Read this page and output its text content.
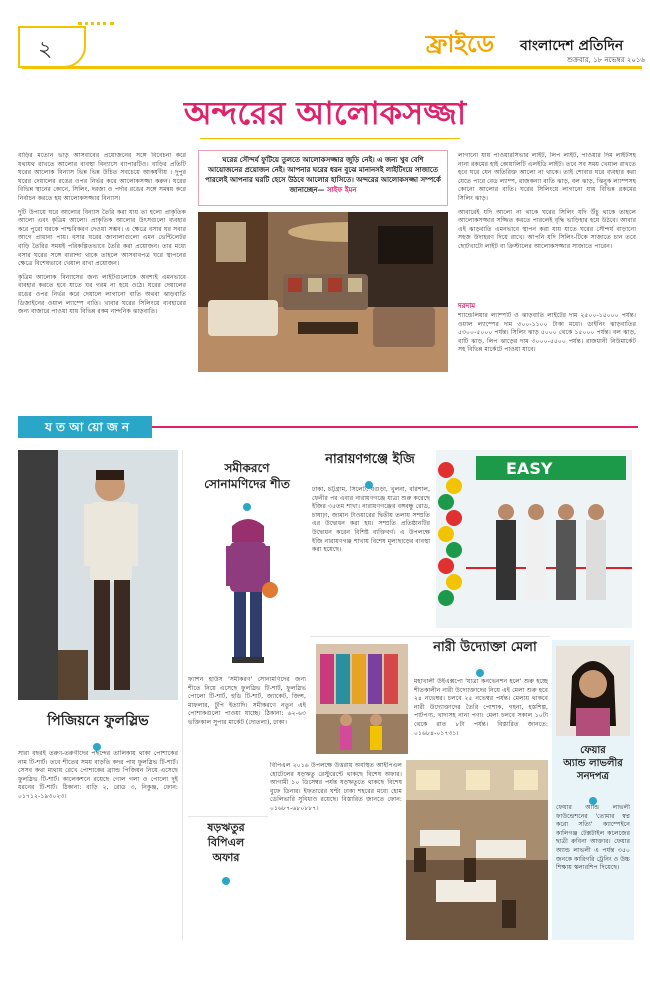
২	ফ্রাইডে	বাংলাদেশ প্রতিদিন
শুক্রবার, ১৮ নভেম্বর ২০১৬
অন্দরের আলোকসজ্জা

বাড়ির মতোন ভাড় আসবাবের প্রয়োজনের সঙ্গে বিবেচনা করে যথাযথ রাখতে আলোর ব্যবস্থা বিন্যাসে ব্যাপারটিও। বাড়ির প্রতিটি ঘরের আলোক বিন্যাস ভিন্ন ভিন্ন উচিত সবচেয়ে আকর্ষণীয় । দুপুর ঘরের দেয়ালের রঙের ওপর নির্ভর করে আলোকসজ্জা করুন। ঘরের বিভিন্ন স্থানের কোনে, সিলিং, দরজা ও পর্দার রঙের সঙ্গে সমন্বয় করে নির্বাচন করতে হয় আলোকসজ্জার বিন্যাস।

দুটি উপায়ে ঘরে আলোর বিন্যাস তৈরি করা যায় তা হলো প্রাকৃতিক আলো এবং কৃত্রিম আলো। প্রাকৃতিক আলোর উৎসগুলো ব্যবহার করে পুরো ঘরকে পাশ্চবিকরণ দেওয়া সম্ভব। এ ক্ষেত্রে বসার ঘর সবার আগে প্রাধান্য পায়। বসার ঘরের জানালাগুলো এমন ভেন্টিলেটর বাড়ি তৈরির সময়ই পরিকল্পিতভাবে তৈরি করা প্রয়োজন। তার মধ্যে বসার ঘরের সঙ্গে বারান্দা থাকে তাহলে আসবাবপত্র ঘরে স্থাপনের ক্ষেত্রে বিশেষভাবে খেয়াল রাখা প্রয়োজন।

কৃত্রিম আলোক বিন্যাসের জন্য লাইটগুলোকে অবশ্যই এমনভাবে ব্যবহার করতে হবে যাতে ঘর গরম না হয়ে ওঠে। ঘরের দেয়ালের রঙের ওপর নির্ভর করে দেয়ালে লাগানো বাতি অথবা ঝাড়বাতি ডিজাইনের ওয়াল ল্যাম্পে বাতি। খাবার ঘরের সিলিংয়ে ব্যবহারের জন্য বাজারে পাওয়া যায় বিভিন্ন রকম নান্দনিক ঝাড়বাতি।

ঘরের সৌন্দর্য ফুটিয়ে তুলতে আলোকসজ্জার জুড়ি নেই। এ জন্য খুব বেশি আয়োজনের প্রয়োজন নেই। আপনার ঘরের ধরন বুঝে মানানসই লাইটিংয়ে সাজাতে পারলেই আপনার ঘরটি হেসে উঠবে আলোর হাসিতে। অন্দরের আলোকসজ্জা সম্পর্কে জানাচ্ছেন— সাইফ ইমন

লাগানো যায় পাওয়ারসিভার লাইট, লিপ লাইট, পাওয়ার দিম লাইটসহ নানা রকমের হাই কোয়ালিটি এলইডি লাইট। তবে সব সময় খেয়াল রাখতে হবে ঘরে যেন অতিরিক্ত আলো না থাকে। তাই শোবার ঘরে ব্যবহার করা যেতে পারে বেড ল্যাম্প, রাজকন্যা বাতি ঝাড়, বল ঝাড়, ঝিনুক ল্যাম্পসহ কোনো আলোর বাতি। ঘরের সিলিংয়ে লাগানো যায় বিভিন্ন রকমের সিলিং ঝাড়।

আবারেই যদি আলো না থাকে ঘরের সিলিং যদি উঁচু থাকে তাহলে আলোকসজ্জার সজ্জিত করতে পারলেই বৃদ্ধি ভাড়িহার হয়ে উঠবে। আবার এই ঝাড়বাতি এমনভাবে স্থাপন করা যায় যাতে ঘরের সৌন্দর্য বাড়ানো সহজ উদাহরণ দিয়ে রাখে। আপনি যদি সিলিং-টিকে সাজাতে চান তবে ছোটখাটো লাইট বা ক্রিস্টালের আলোকসজ্জার সাজাতে পারেন।

দরদাম
শ্যান্ডেলিয়ার ল্যাম্পটি ও ঝাড়বাতি লাইটের দাম ২৫০০-১৫০০০ পর্যন্ত। ওয়াল ল্যাম্পের দাম ৩০০-১১০০ টাকা মধ্যে। ডাইনিং ঝাড়বাতির ৫৩০০-৫০০০ পর্যন্ত। সিলিং ঝাড় ৫০০০ থেকে ১৫০০০ পর্যন্ত। বল ঝাড়, বাটি ঝাড়, লিপ ঝাড়ের দাম ৩০০০-৫৫০০ পর্যন্ত। রাজধানী নিউমার্কেট সহ বিভিন্ন মার্কেটে পাওয়া যাবে।
য ত আ য়ো জ ন
পিজিয়নে ফুলস্লিভ
সারা বছরই তরুণ-তরুণীদের পছন্দের তালিকায় থাকা পোশাকের নাম টি-শার্ট। তবে শীতের সময় বাড়তি কদর পায় ফুলস্লিভ টি-শার্ট। সেসব কথা মাথায় রেখে পোশাকের ব্র্যান্ড পিজিয়ন নিয়ে এসেছে ফুলস্লিভ টি-শার্ট। কালেকশনে রয়েছে গোল গলা ও পোলো দুই ধরনের টি-শার্ট। ঠিকানা: বাড়ি ২, রোড ৩, নিকুঞ্জ, ফোন: ০১৭১২-১৯৩০২৩।
সমীকরণে
সোনামণিদের শীত
ফ্যাশন হাউস 'সমীকরণ' সোনামণিদের জন্য শীতে নিয়ে এসেছে ফুলস্লিভ টি-শার্ট, ফুলস্লিভ পোলো টি-শার্ট, হুডি টি-শার্ট, জ্যাকেট, জিন্স, মাফলার, টুপি ইত্যাদি। সমীকরণে নতুন এই পোশাকগুলো পাওয়া যাচ্ছে। ঠিকানা: ৬২-৬৩ ভক্তিকাল সুপার মার্কেট (দোতলা), ঢাকা।
নারায়ণগঞ্জে ইজি
ঢাকা, চট্টগ্রাম, সিলেট, বগুড়া, খুলনা, বরিশাল, ফেনীর পর এবার নারায়ণগঞ্জে যাত্রা শুরু করেছে ইজির ৩৫তম শাখা। নারায়ণগঞ্জের বঙ্গবন্ধু রোড, চাষাঢ়া, জামান টাওয়ারের দ্বিতীয় তলায় সম্প্রতি এর উদ্বোধন করা হয়। সম্প্রতি প্রতিষ্ঠানটির উদ্বোধন করেন বিশিষ্ট ব্যক্তিবর্গ। এ উপলক্ষে ইজি নারায়ণগঞ্জ শাখায় বিশেষ মূল্যছাড়ের ব্যবস্থা করা হয়েছে।
EASY
নারী উদ্যোক্তা মেলা
মহাখালী উইএক্সপো 'যাত্রা কনভেনশন হলে' শুরু হচ্ছে শীতকালীন নারী উদ্যোক্তাদের নিয়ে এই মেলা শুরু হবে ২৪ নভেম্বর। চলবে ২৫ নভেম্বর পর্যন্ত। মেলায় থাকবে নারী উদ্যোক্তাদের তৈরি পোশাক, গহনা, হস্তশিল্প, পাটপণ্য, খাদ্যসহ নানা পণ্য। মেলা চলবে সকাল ১০টা থেকে রাত ৮টা পর্যন্ত। বিস্তারিত জানতে: ০১৬৮৪-০১৭৩১।
ফেয়ার
অ্যান্ড লাভলীর
সনদপত্র
ফেয়ার অ্যান্ড লাভলী ফাউন্ডেশনের 'তোমার স্বপ্ন করো সত্যি' ক্যাম্পেইনে কালিগঞ্জ টেক্সটাইল কলেজের ছাত্রী রুবিনা আক্তার। ফেয়ার অ্যান্ড লাভলী এ পর্যন্ত ৩৫০ জনকে কারিগরি ট্রেনিং ও উচ্চ শিক্ষায় স্কলারশিপ দিয়েছে।
ষড়ঋতুর
বিপিএল
অফার
বিপিএল ২০১৬ উপলক্ষে উত্তরায় অবস্থিত আইপিএল হোটেলের ষড়ঋতু রেস্টুরেন্টে থাকছে বিশেষ অফার। আগামী ১০ ডিসেম্বর পর্যন্ত ষড়ঋতুতে থাকছে বিশেষ বুফে ডিনার। ইফতারের ঘণ্টা ঢাকা শহরের মধ্যে হোম ডেলিভারি সুবিধাও রয়েছে। বিস্তারিত জানতে ফোন: ০১৬৮৭-৬৮০৮৮৭।
